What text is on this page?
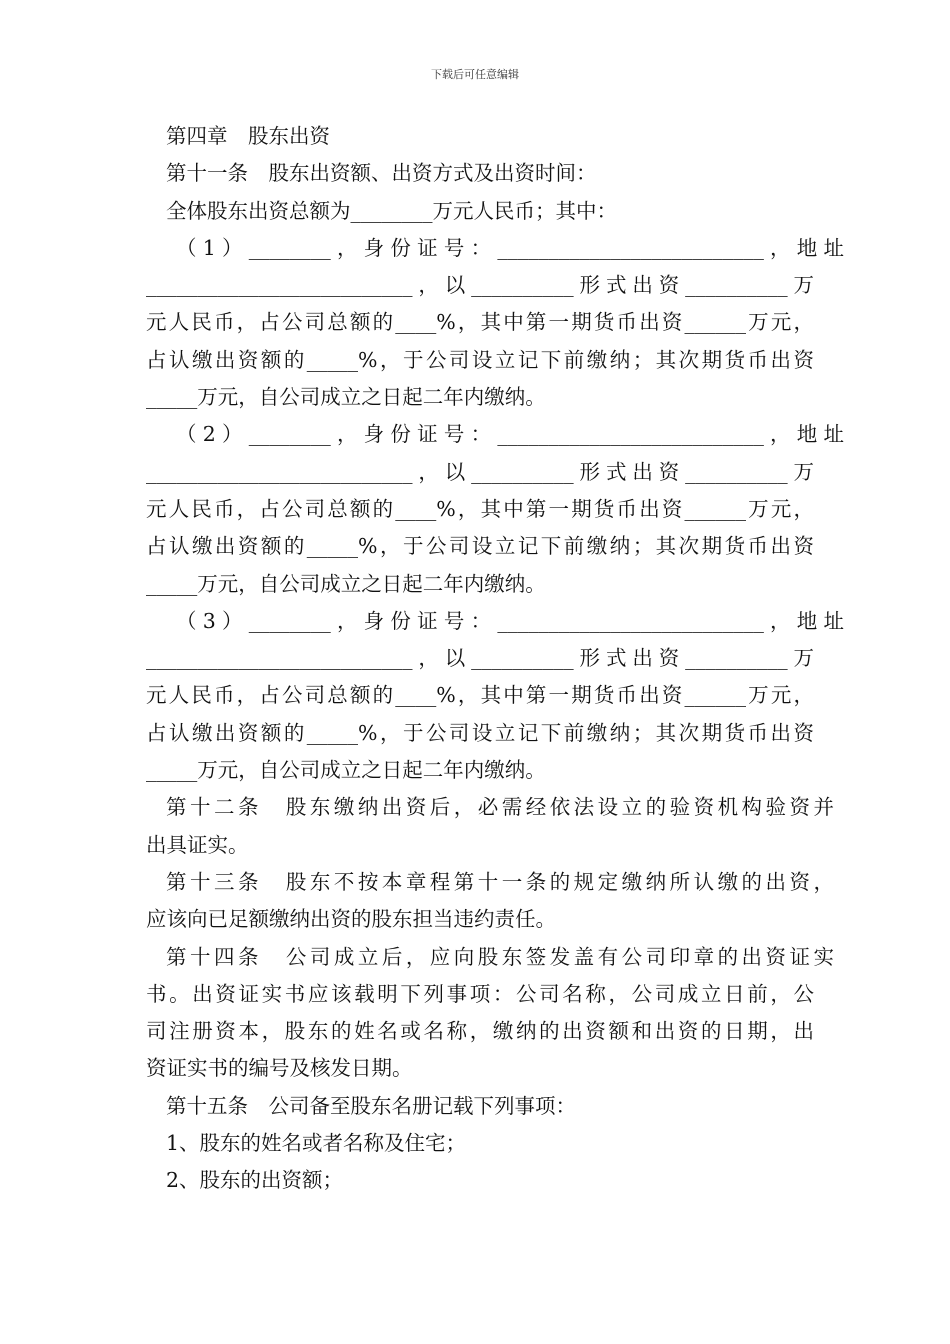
下载后可任意编辑
第四章　股东出资
第十一条　股东出资额、出资方式及出资时间：
全体股东出资总额为________万元人民币；其中：
（1）________，身份证号：__________________________，地址
__________________________，以__________形式出资__________万
元人民币，占公司总额的____%，其中第一期货币出资______万元，
占认缴出资额的_____%，于公司设立记下前缴纳；其次期货币出资
_____万元，自公司成立之日起二年内缴纳。
（2）________，身份证号：__________________________，地址
__________________________，以__________形式出资__________万
元人民币，占公司总额的____%，其中第一期货币出资______万元，
占认缴出资额的_____%，于公司设立记下前缴纳；其次期货币出资
_____万元，自公司成立之日起二年内缴纳。
（3）________，身份证号：__________________________，地址
__________________________，以__________形式出资__________万
元人民币，占公司总额的____%，其中第一期货币出资______万元，
占认缴出资额的_____%，于公司设立记下前缴纳；其次期货币出资
_____万元，自公司成立之日起二年内缴纳。
第十二条　股东缴纳出资后，必需经依法设立的验资机构验资并
出具证实。
第十三条　股东不按本章程第十一条的规定缴纳所认缴的出资，
应该向已足额缴纳出资的股东担当违约责任。
第十四条　公司成立后，应向股东签发盖有公司印章的出资证实
书。出资证实书应该载明下列事项：公司名称，公司成立日前，公
司注册资本，股东的姓名或名称，缴纳的出资额和出资的日期，出
资证实书的编号及核发日期。
第十五条　公司备至股东名册记载下列事项：
1、股东的姓名或者名称及住宅；
2、股东的出资额；
